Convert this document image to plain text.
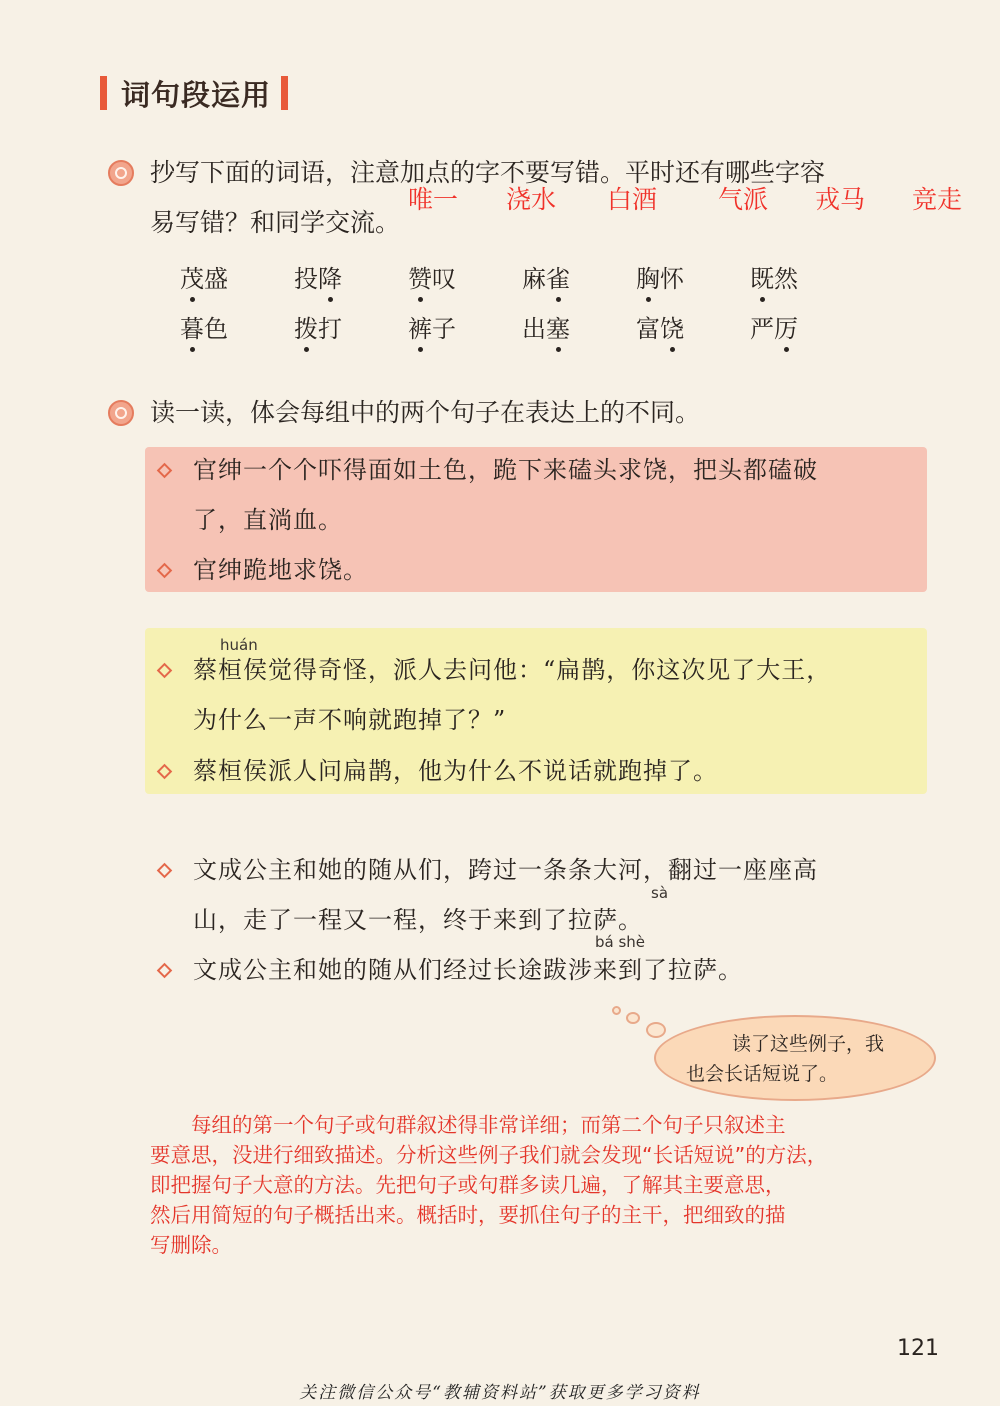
词句段运用
抄写下面的词语，注意加点的字不要写错。平时还有哪些字容
易写错？和同学交流。
唯一 浇水 白酒 气派 戎马 竞走
茂盛	投降	赞叹	麻雀	胸怀	既然
暮色	拨打	裤子	出塞	富饶	严厉
读一读，体会每组中的两个句子在表达上的不同。
官绅一个个吓得面如土色，跪下来磕头求饶，把头都磕破
了，直淌血。
官绅跪地求饶。
huán
蔡桓侯觉得奇怪，派人去问他：“扁鹊，你这次见了大王，
为什么一声不响就跑掉了？”
蔡桓侯派人问扁鹊，他为什么不说话就跑掉了。
文成公主和她的随从们，跨过一条条大河，翻过一座座高
sà
山，走了一程又一程，终于来到了拉萨。
bá shè
文成公主和她的随从们经过长途跋涉来到了拉萨。
读了这些例子，我
也会长话短说了。
　　每组的第一个句子或句群叙述得非常详细；而第二个句子只叙述主
要意思，没进行细致描述。分析这些例子我们就会发现“长话短说”的方法，
即把握句子大意的方法。先把句子或句群多读几遍，了解其主要意思，
然后用简短的句子概括出来。概括时，要抓住句子的主干，把细致的描
写删除。
121
关注微信公众号“教辅资料站”获取更多学习资料
